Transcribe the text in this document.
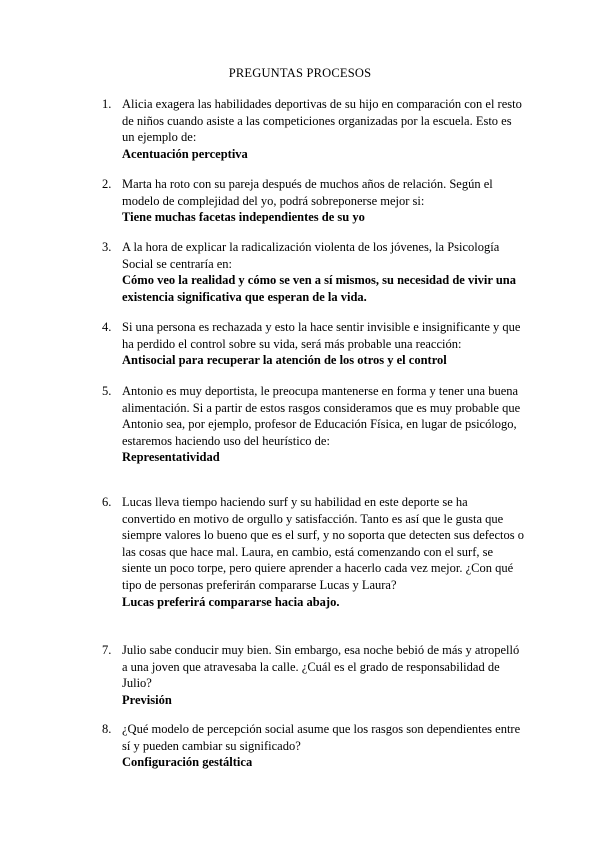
PREGUNTAS PROCESOS
1. Alicia exagera las habilidades deportivas de su hijo en comparación con el resto de niños cuando asiste a las competiciones organizadas por la escuela. Esto es un ejemplo de:
Acentuación perceptiva
2. Marta ha roto con su pareja después de muchos años de relación. Según el modelo de complejidad del yo, podrá sobreponerse mejor si:
Tiene muchas facetas independientes de su yo
3. A la hora de explicar la radicalización violenta de los jóvenes, la Psicología Social se centraría en:
Cómo veo la realidad y cómo se ven a sí mismos, su necesidad de vivir una existencia significativa que esperan de la vida.
4. Si una persona es rechazada y esto la hace sentir invisible e insignificante y que ha perdido el control sobre su vida, será más probable una reacción:
Antisocial para recuperar la atención de los otros y el control
5. Antonio es muy deportista, le preocupa mantenerse en forma y tener una buena alimentación. Si a partir de estos rasgos consideramos que es muy probable que Antonio sea, por ejemplo, profesor de Educación Física, en lugar de psicólogo, estaremos haciendo uso del heurístico de:
Representatividad
6. Lucas lleva tiempo haciendo surf y su habilidad en este deporte se ha convertido en motivo de orgullo y satisfacción. Tanto es así que le gusta que siempre valores lo bueno que es el surf, y no soporta que detecten sus defectos o las cosas que hace mal. Laura, en cambio, está comenzando con el surf, se siente un poco torpe, pero quiere aprender a hacerlo cada vez mejor. ¿Con qué tipo de personas preferirán compararse Lucas y Laura?
Lucas preferirá compararse hacia abajo.
7. Julio sabe conducir muy bien. Sin embargo, esa noche bebió de más y atropelló a una joven que atravesaba la calle. ¿Cuál es el grado de responsabilidad de Julio?
Previsión
8. ¿Qué modelo de percepción social asume que los rasgos son dependientes entre sí y pueden cambiar su significado?
Configuración gestáltica
